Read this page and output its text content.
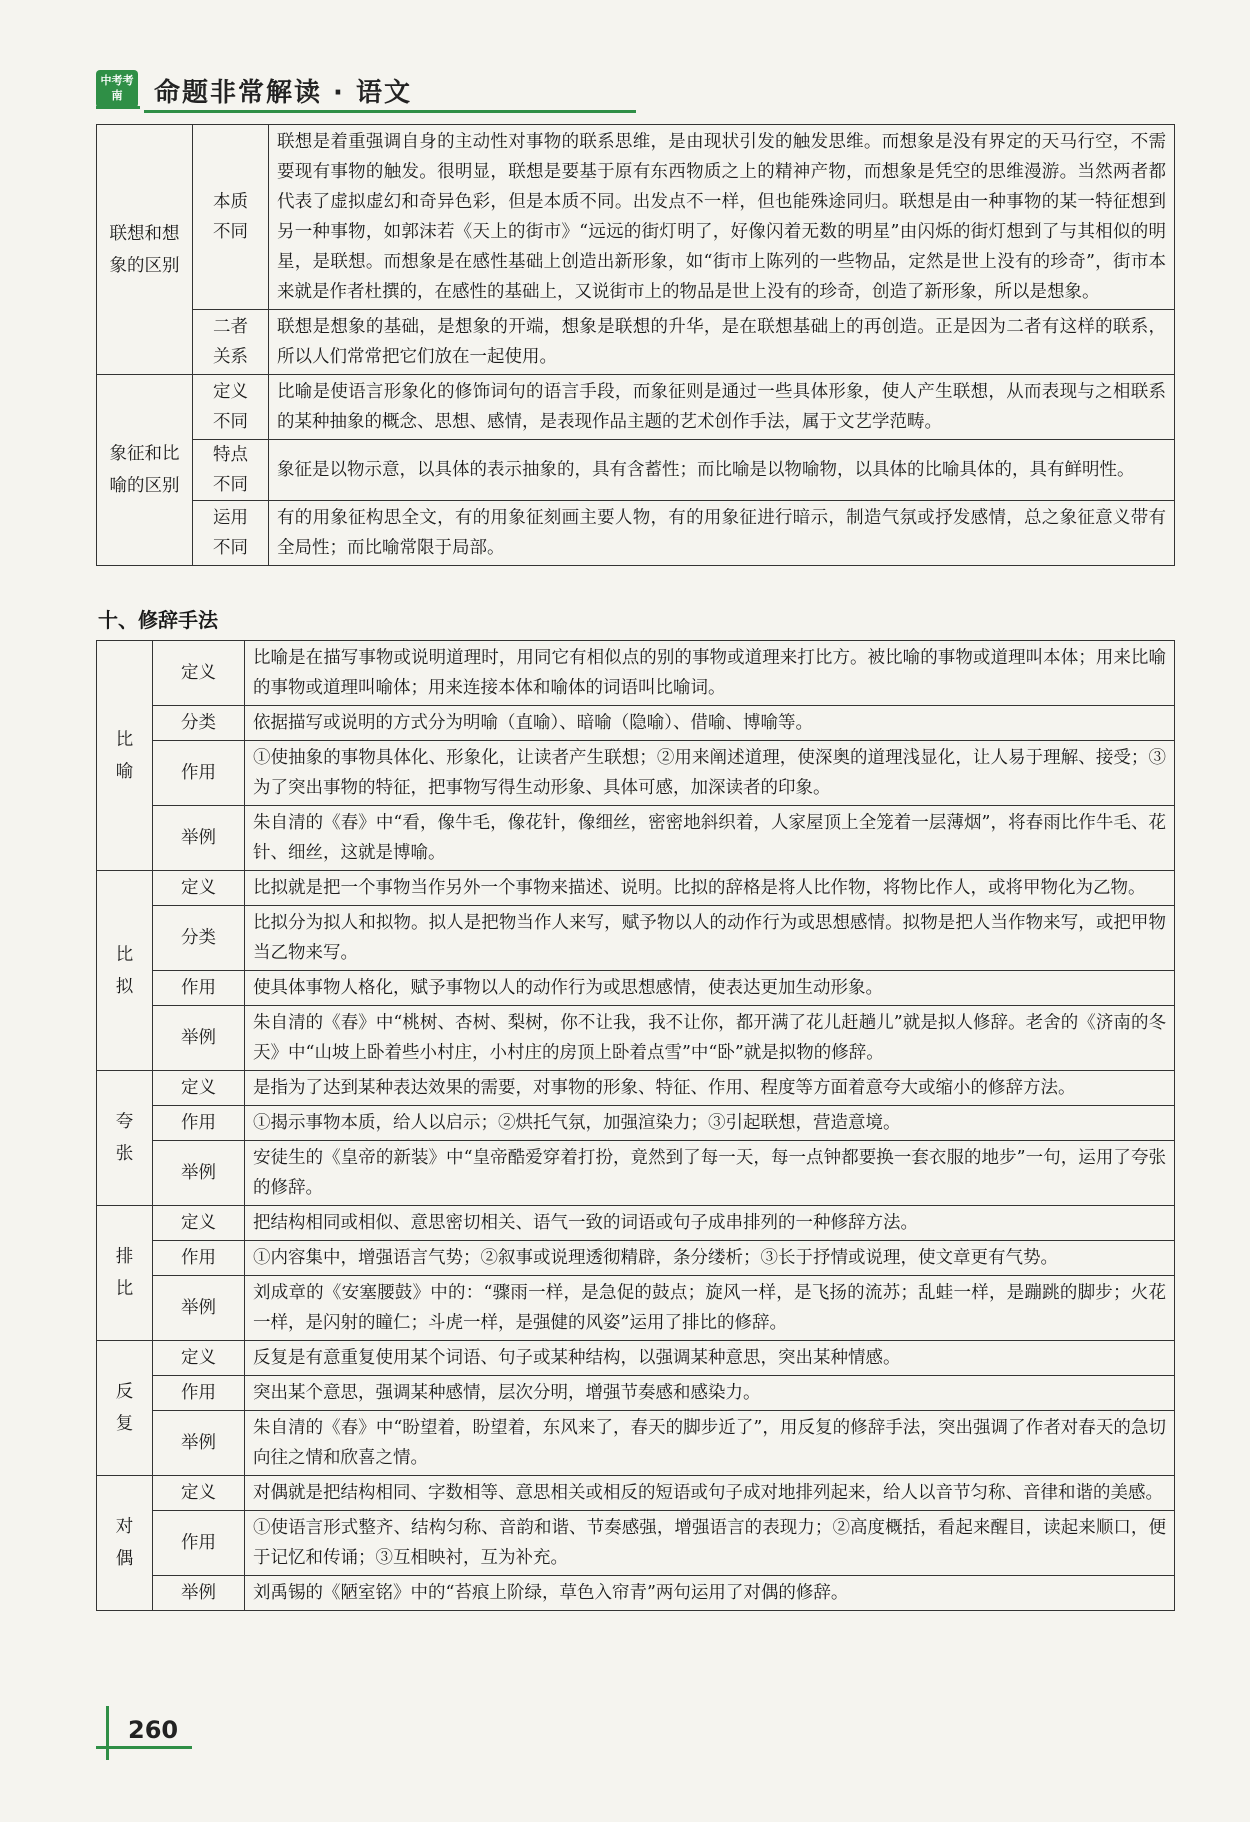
中考考南	命题非常解读 · 语文
联想和想象的区别	本质不同	联想是着重强调自身的主动性对事物的联系思维，是由现状引发的触发思维。而想象是没有界定的天马行空，不需要现有事物的触发。很明显，联想是要基于原有东西物质之上的精神产物，而想象是凭空的思维漫游。当然两者都代表了虚拟虚幻和奇异色彩，但是本质不同。出发点不一样，但也能殊途同归。联想是由一种事物的某一特征想到另一种事物，如郭沫若《天上的街市》“远远的街灯明了，好像闪着无数的明星”由闪烁的街灯想到了与其相似的明星，是联想。而想象是在感性基础上创造出新形象，如“街市上陈列的一些物品，定然是世上没有的珍奇”，街市本来就是作者杜撰的，在感性的基础上，又说街市上的物品是世上没有的珍奇，创造了新形象，所以是想象。
	二者关系	联想是想象的基础，是想象的开端，想象是联想的升华，是在联想基础上的再创造。正是因为二者有这样的联系，所以人们常常把它们放在一起使用。
象征和比喻的区别	定义不同	比喻是使语言形象化的修饰词句的语言手段，而象征则是通过一些具体形象，使人产生联想，从而表现与之相联系的某种抽象的概念、思想、感情，是表现作品主题的艺术创作手法，属于文艺学范畴。
	特点不同	象征是以物示意，以具体的表示抽象的，具有含蓄性；而比喻是以物喻物，以具体的比喻具体的，具有鲜明性。
	运用不同	有的用象征构思全文，有的用象征刻画主要人物，有的用象征进行暗示，制造气氛或抒发感情，总之象征意义带有全局性；而比喻常限于局部。
十、修辞手法
比喻	定义	比喻是在描写事物或说明道理时，用同它有相似点的别的事物或道理来打比方。被比喻的事物或道理叫本体；用来比喻的事物或道理叫喻体；用来连接本体和喻体的词语叫比喻词。
	分类	依据描写或说明的方式分为明喻（直喻）、暗喻（隐喻）、借喻、博喻等。
	作用	①使抽象的事物具体化、形象化，让读者产生联想；②用来阐述道理，使深奥的道理浅显化，让人易于理解、接受；③为了突出事物的特征，把事物写得生动形象、具体可感，加深读者的印象。
	举例	朱自清的《春》中“看，像牛毛，像花针，像细丝，密密地斜织着，人家屋顶上全笼着一层薄烟”，将春雨比作牛毛、花针、细丝，这就是博喻。
比拟	定义	比拟就是把一个事物当作另外一个事物来描述、说明。比拟的辞格是将人比作物，将物比作人，或将甲物化为乙物。
	分类	比拟分为拟人和拟物。拟人是把物当作人来写，赋予物以人的动作行为或思想感情。拟物是把人当作物来写，或把甲物当乙物来写。
	作用	使具体事物人格化，赋予事物以人的动作行为或思想感情，使表达更加生动形象。
	举例	朱自清的《春》中“桃树、杏树、梨树，你不让我，我不让你，都开满了花儿赶趟儿”就是拟人修辞。老舍的《济南的冬天》中“山坡上卧着些小村庄，小村庄的房顶上卧着点雪”中“卧”就是拟物的修辞。
夸张	定义	是指为了达到某种表达效果的需要，对事物的形象、特征、作用、程度等方面着意夸大或缩小的修辞方法。
	作用	①揭示事物本质，给人以启示；②烘托气氛，加强渲染力；③引起联想，营造意境。
	举例	安徒生的《皇帝的新装》中“皇帝酷爱穿着打扮，竟然到了每一天，每一点钟都要换一套衣服的地步”一句，运用了夸张的修辞。
排比	定义	把结构相同或相似、意思密切相关、语气一致的词语或句子成串排列的一种修辞方法。
	作用	①内容集中，增强语言气势；②叙事或说理透彻精辟，条分缕析；③长于抒情或说理，使文章更有气势。
	举例	刘成章的《安塞腰鼓》中的：“骤雨一样，是急促的鼓点；旋风一样，是飞扬的流苏；乱蛙一样，是蹦跳的脚步；火花一样，是闪射的瞳仁；斗虎一样，是强健的风姿”运用了排比的修辞。
反复	定义	反复是有意重复使用某个词语、句子或某种结构，以强调某种意思，突出某种情感。
	作用	突出某个意思，强调某种感情，层次分明，增强节奏感和感染力。
	举例	朱自清的《春》中“盼望着，盼望着，东风来了，春天的脚步近了”，用反复的修辞手法，突出强调了作者对春天的急切向往之情和欣喜之情。
对偶	定义	对偶就是把结构相同、字数相等、意思相关或相反的短语或句子成对地排列起来，给人以音节匀称、音律和谐的美感。
	作用	①使语言形式整齐、结构匀称、音韵和谐、节奏感强，增强语言的表现力；②高度概括，看起来醒目，读起来顺口，便于记忆和传诵；③互相映衬，互为补充。
	举例	刘禹锡的《陋室铭》中的“苔痕上阶绿，草色入帘青”两句运用了对偶的修辞。
260
